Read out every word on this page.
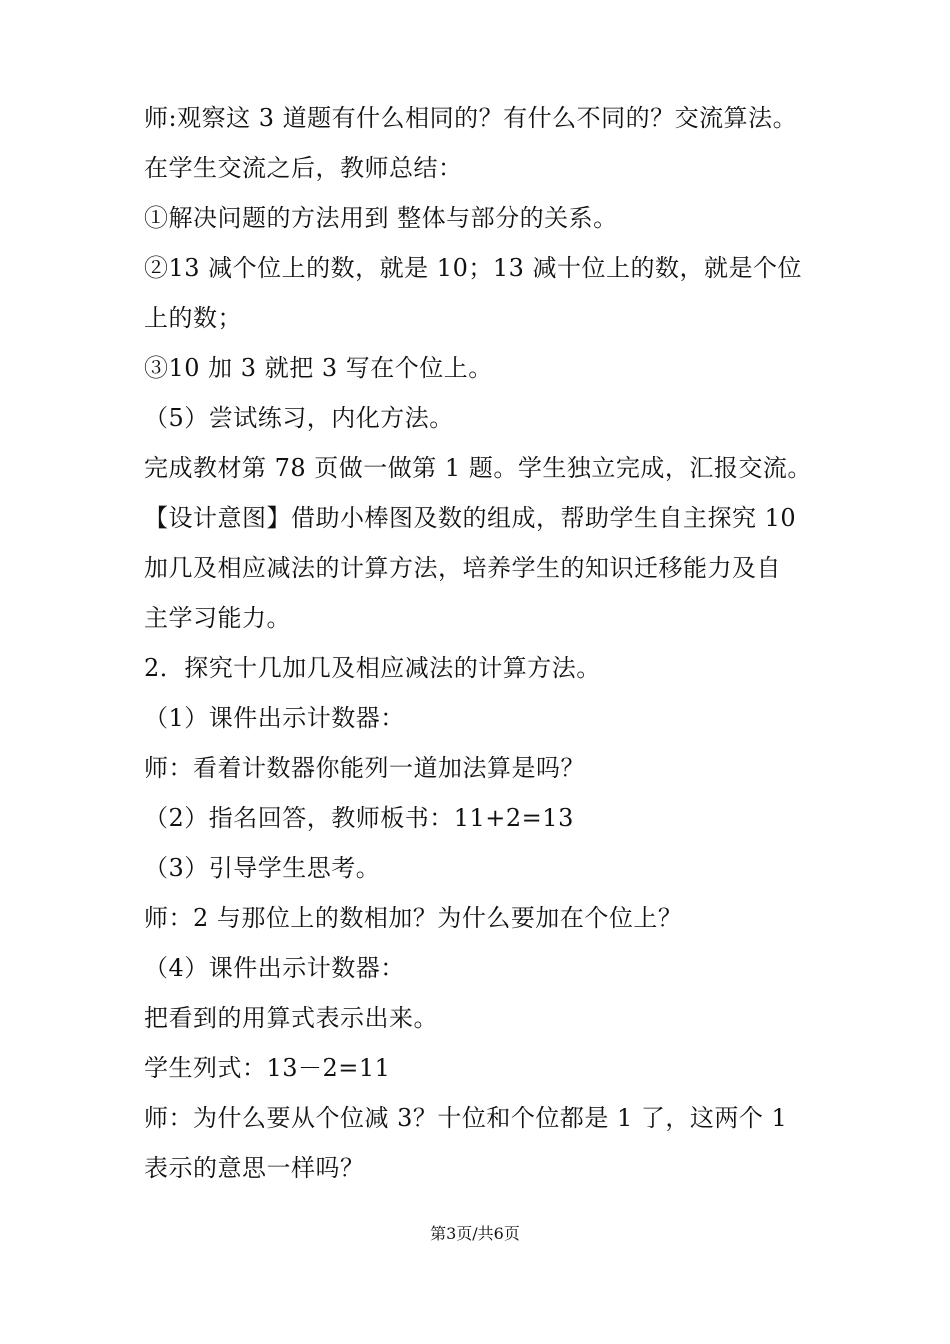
师:观察这 3 道题有什么相同的？有什么不同的？交流算法。
在学生交流之后，教师总结：
①解决问题的方法用到 整体与部分的关系。
②13 减个位上的数，就是 10；13 减十位上的数，就是个位
上的数；
③10 加 3 就把 3 写在个位上。
（5）尝试练习，内化方法。
完成教材第 78 页做一做第 1 题。学生独立完成，汇报交流。
【设计意图】借助小棒图及数的组成，帮助学生自主探究 10
加几及相应减法的计算方法，培养学生的知识迁移能力及自
主学习能力。
2．探究十几加几及相应减法的计算方法。
（1）课件出示计数器：
师：看着计数器你能列一道加法算是吗？
（2）指名回答，教师板书：11+2=13
（3）引导学生思考。
师：2 与那位上的数相加？为什么要加在个位上？
（4）课件出示计数器：
把看到的用算式表示出来。
学生列式：13－2=11
师：为什么要从个位减 3？十位和个位都是 1 了，这两个 1
表示的意思一样吗？
第3页/共6页
